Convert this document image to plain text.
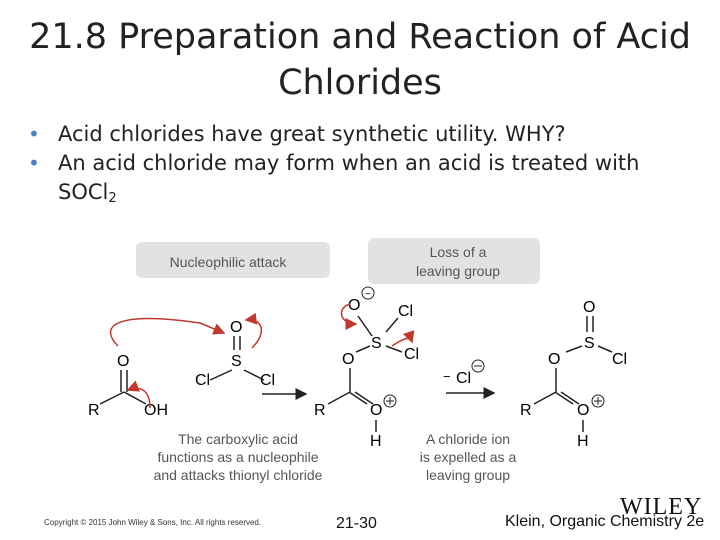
21.8 Preparation and Reaction of Acid
Chlorides
• Acid chlorides have great synthetic utility. WHY?
• An acid chloride may form when an acid is treated with
SOCl$_2$
Nucleophilic attack
Loss of a
leaving group
O
R	OH
O
S
Cl	Cl
O
−
S
Cl
Cl
O
R	O
H
− Cl
O
S
Cl
O
R	O
H
The carboxylic acid
functions as a nucleophile
and attacks thionyl chloride
A chloride ion
is expelled as a
leaving group
Copyright © 2015 John Wiley & Sons, Inc. All rights reserved.	21-30
WILEY
Klein, Organic Chemistry 2e
